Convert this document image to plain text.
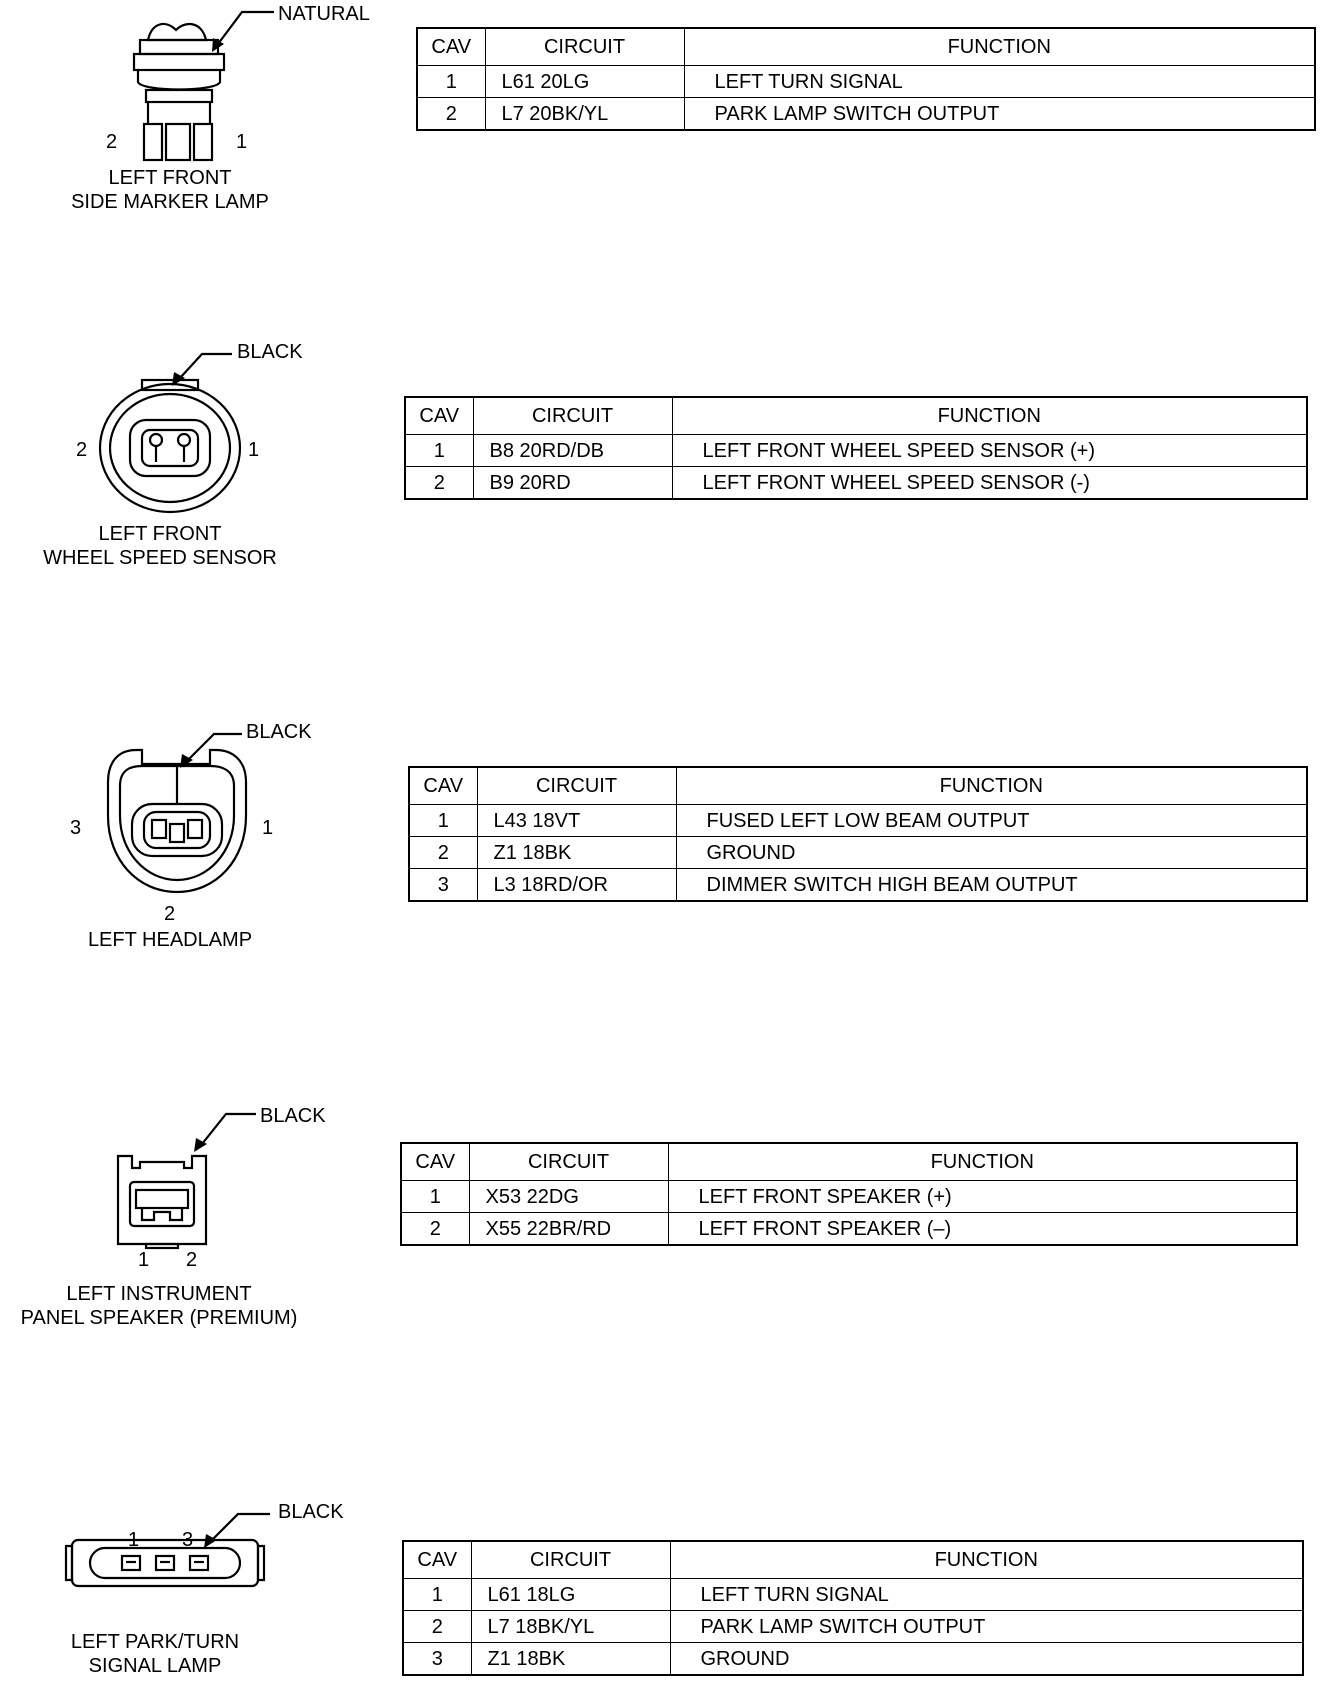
NATURAL
2	1
LEFT FRONT
SIDE MARKER LAMP
CAV	CIRCUIT	FUNCTION
1	L61 20LG	LEFT TURN SIGNAL
2	L7 20BK/YL	PARK LAMP SWITCH OUTPUT
BLACK
2	1
LEFT FRONT
WHEEL SPEED SENSOR
CAV	CIRCUIT	FUNCTION
1	B8 20RD/DB	LEFT FRONT WHEEL SPEED SENSOR (+)
2	B9 20RD	LEFT FRONT WHEEL SPEED SENSOR (-)
BLACK
3	1
2
LEFT HEADLAMP
CAV	CIRCUIT	FUNCTION
1	L43 18VT	FUSED LEFT LOW BEAM OUTPUT
2	Z1 18BK	GROUND
3	L3 18RD/OR	DIMMER SWITCH HIGH BEAM OUTPUT
1 2
BLACK
LEFT INSTRUMENT
PANEL SPEAKER (PREMIUM)
CAV	CIRCUIT	FUNCTION
1	X53 22DG	LEFT FRONT SPEAKER (+)
2	X55 22BR/RD	LEFT FRONT SPEAKER (–)
BLACK
1 3
LEFT PARK/TURN
SIGNAL LAMP
CAV	CIRCUIT	FUNCTION
1	L61 18LG	LEFT TURN SIGNAL
2	L7 18BK/YL	PARK LAMP SWITCH OUTPUT
3	Z1 18BK	GROUND
